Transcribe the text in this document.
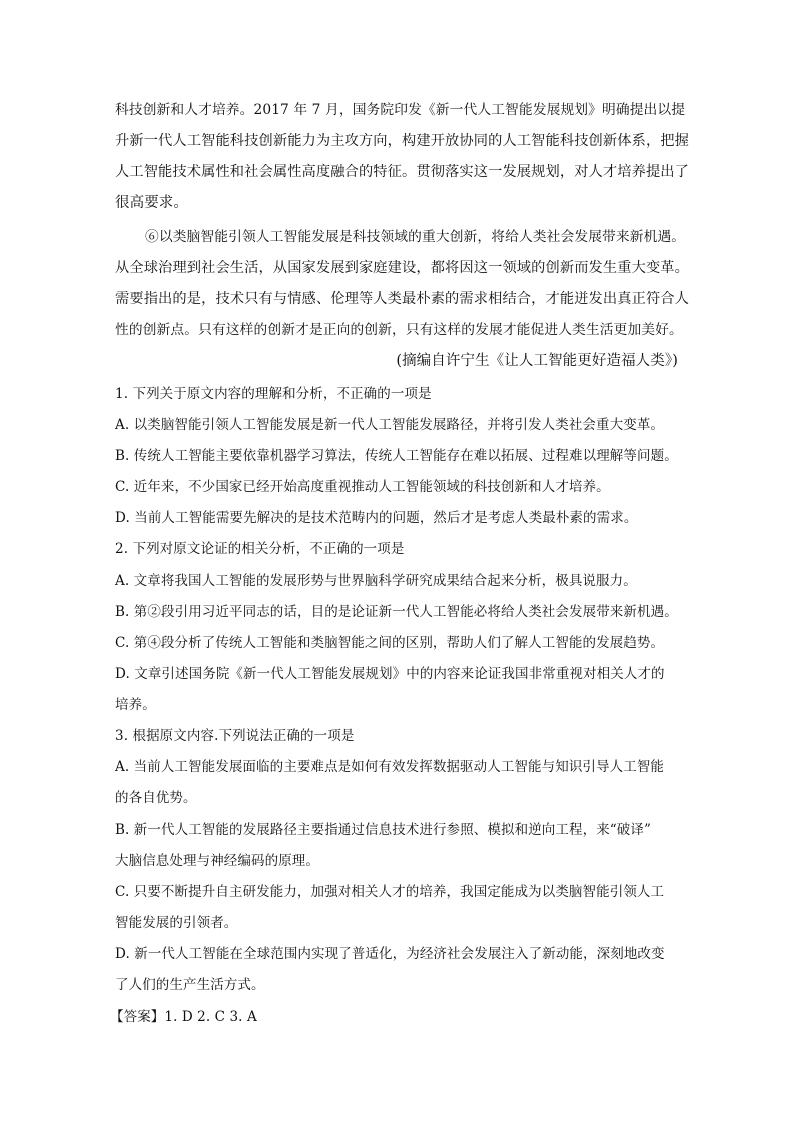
科技创新和人才培养。2017 年 7 月，国务院印发《新一代人工智能发展规划》明确提出以提
升新一代人工智能科技创新能力为主攻方向，构建开放协同的人工智能科技创新体系，把握
人工智能技术属性和社会属性高度融合的特征。贯彻落实这一发展规划，对人才培养提出了
很高要求。
⑥以类脑智能引领人工智能发展是科技领域的重大创新，将给人类社会发展带来新机遇。
从全球治理到社会生活，从国家发展到家庭建设，都将因这一领域的创新而发生重大变革。
需要指出的是，技术只有与情感、伦理等人类最朴素的需求相结合，才能迸发出真正符合人
性的创新点。只有这样的创新才是正向的创新，只有这样的发展才能促进人类生活更加美好。
(摘编自许宁生《让人工智能更好造福人类》)
1. 下列关于原文内容的理解和分析，不正确的一项是
A. 以类脑智能引领人工智能发展是新一代人工智能发展路径，并将引发人类社会重大变革。
B. 传统人工智能主要依靠机器学习算法，传统人工智能存在难以拓展、过程难以理解等问题。
C. 近年来，不少国家已经开始高度重视推动人工智能领域的科技创新和人才培养。
D. 当前人工智能需要先解决的是技术范畴内的问题，然后才是考虑人类最朴素的需求。
2. 下列对原文论证的相关分析，不正确的一项是
A. 文章将我国人工智能的发展形势与世界脑科学研究成果结合起来分析，极具说服力。
B. 第②段引用习近平同志的话，目的是论证新一代人工智能必将给人类社会发展带来新机遇。
C. 第④段分析了传统人工智能和类脑智能之间的区别，帮助人们了解人工智能的发展趋势。
D. 文章引述国务院《新一代人工智能发展规划》中的内容来论证我国非常重视对相关人才的
培养。
3. 根据原文内容.下列说法正确的一项是
A. 当前人工智能发展面临的主要难点是如何有效发挥数据驱动人工智能与知识引导人工智能
的各自优势。
B. 新一代人工智能的发展路径主要指通过信息技术进行参照、模拟和逆向工程，来“破译”
大脑信息处理与神经编码的原理。
C. 只要不断提升自主研发能力，加强对相关人才的培养，我国定能成为以类脑智能引领人工
智能发展的引领者。
D. 新一代人工智能在全球范围内实现了普适化，为经济社会发展注入了新动能，深刻地改变
了人们的生产生活方式。
【答案】1. D 2. C 3. A
